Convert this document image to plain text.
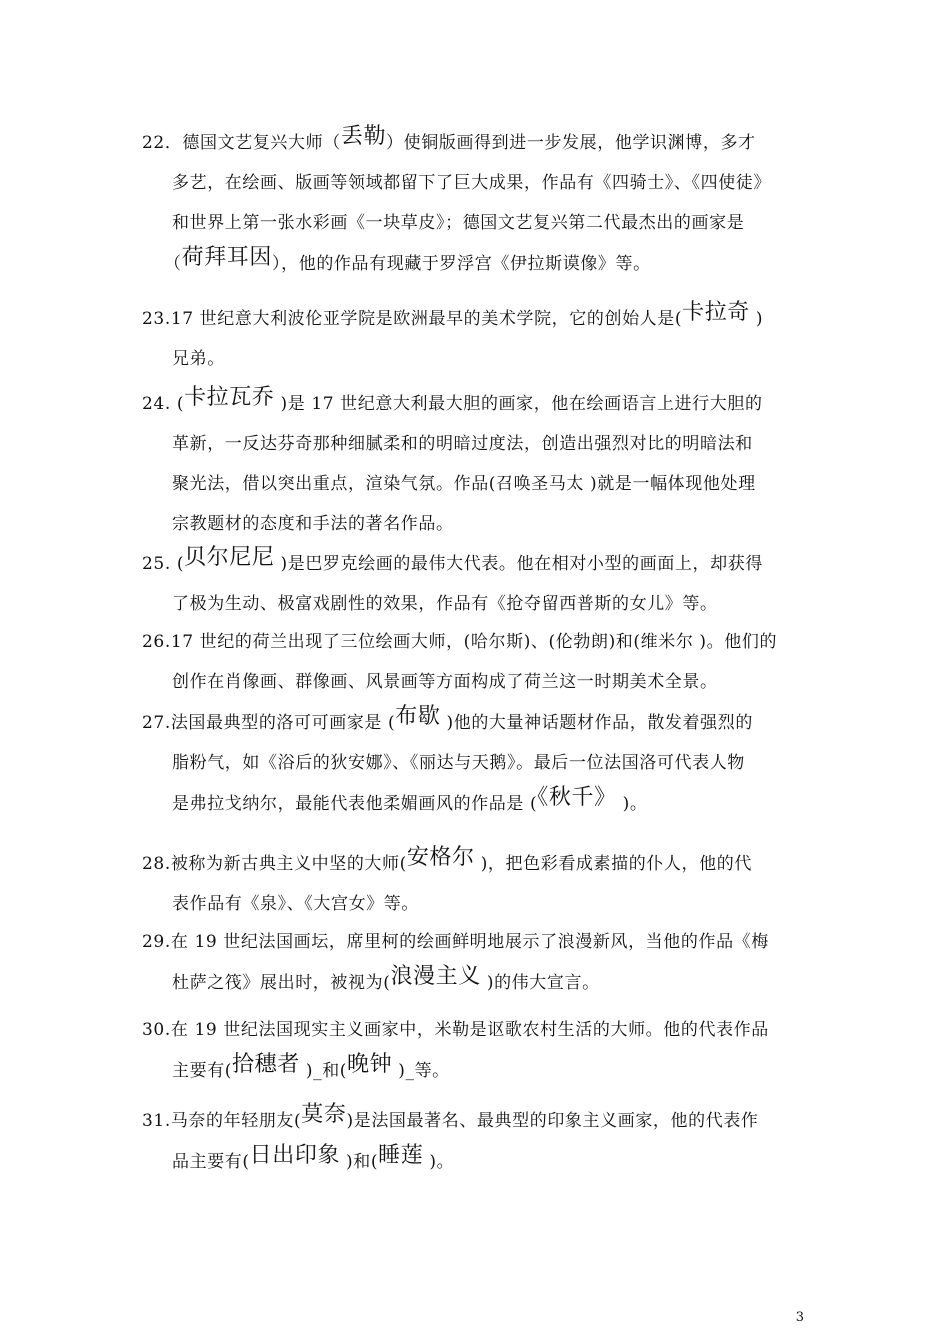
22．德国文艺复兴大师（丢勒）使铜版画得到进一步发展，他学识渊博，多才
多艺，在绘画、版画等领域都留下了巨大成果，作品有《四骑士》、《四使徒》
和世界上第一张水彩画《一块草皮》；德国文艺复兴第二代最杰出的画家是
（荷拜耳因），他的作品有现藏于罗浮宫《伊拉斯谟像》等。
23.17 世纪意大利波伦亚学院是欧洲最早的美术学院，它的创始人是(卡拉奇 )
兄弟。
24. (卡拉瓦乔 )是 17 世纪意大利最大胆的画家，他在绘画语言上进行大胆的
革新，一反达芬奇那种细腻柔和的明暗过度法，创造出强烈对比的明暗法和
聚光法，借以突出重点，渲染气氛。作品(召唤圣马太 )就是一幅体现他处理
宗教题材的态度和手法的著名作品。
25. (贝尔尼尼 )是巴罗克绘画的最伟大代表。他在相对小型的画面上，却获得
了极为生动、极富戏剧性的效果，作品有《抢夺留西普斯的女儿》等。
26.17 世纪的荷兰出现了三位绘画大师，(哈尔斯)、(伦勃朗)和(维米尔 )。他们的
创作在肖像画、群像画、风景画等方面构成了荷兰这一时期美术全景。
27.法国最典型的洛可可画家是 (布歇 )他的大量神话题材作品，散发着强烈的
脂粉气，如《浴后的狄安娜》、《丽达与天鹅》。最后一位法国洛可代表人物
是弗拉戈纳尔，最能代表他柔媚画风的作品是 (《秋千》 )。
28.被称为新古典主义中坚的大师(安格尔 )，把色彩看成素描的仆人，他的代
表作品有《泉》、《大宫女》等。
29.在 19 世纪法国画坛，席里柯的绘画鲜明地展示了浪漫新风，当他的作品《梅
杜萨之筏》展出时，被视为(浪漫主义 )的伟大宣言。
30.在 19 世纪法国现实主义画家中，米勒是讴歌农村生活的大师。他的代表作品
主要有(拾穗者 )_和(晚钟 )_等。
31.马奈的年轻朋友(莫奈)是法国最著名、最典型的印象主义画家，他的代表作
品主要有(日出印象 )和(睡莲 )。
3
